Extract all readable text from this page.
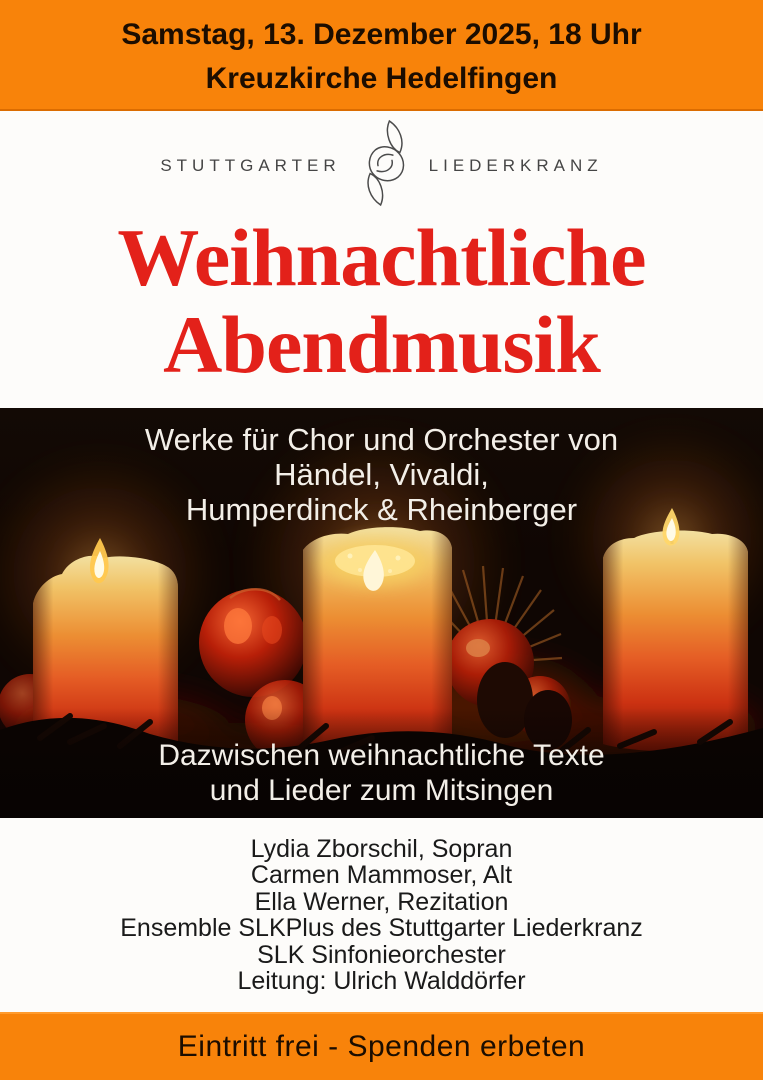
Samstag, 13. Dezember 2025, 18 Uhr
Kreuzkirche Hedelfingen
STUTTGARTER	LIEDERKRANZ
Weihnachtliche
Abendmusik
Werke für Chor und Orchester von
Händel, Vivaldi,
Humperdinck & Rheinberger
Dazwischen weihnachtliche Texte
und Lieder zum Mitsingen
Lydia Zborschil, Sopran
Carmen Mammoser, Alt
Ella Werner, Rezitation
Ensemble SLKPlus des Stuttgarter Liederkranz
SLK Sinfonieorchester
Leitung: Ulrich Walddörfer
Eintritt frei - Spenden erbeten
